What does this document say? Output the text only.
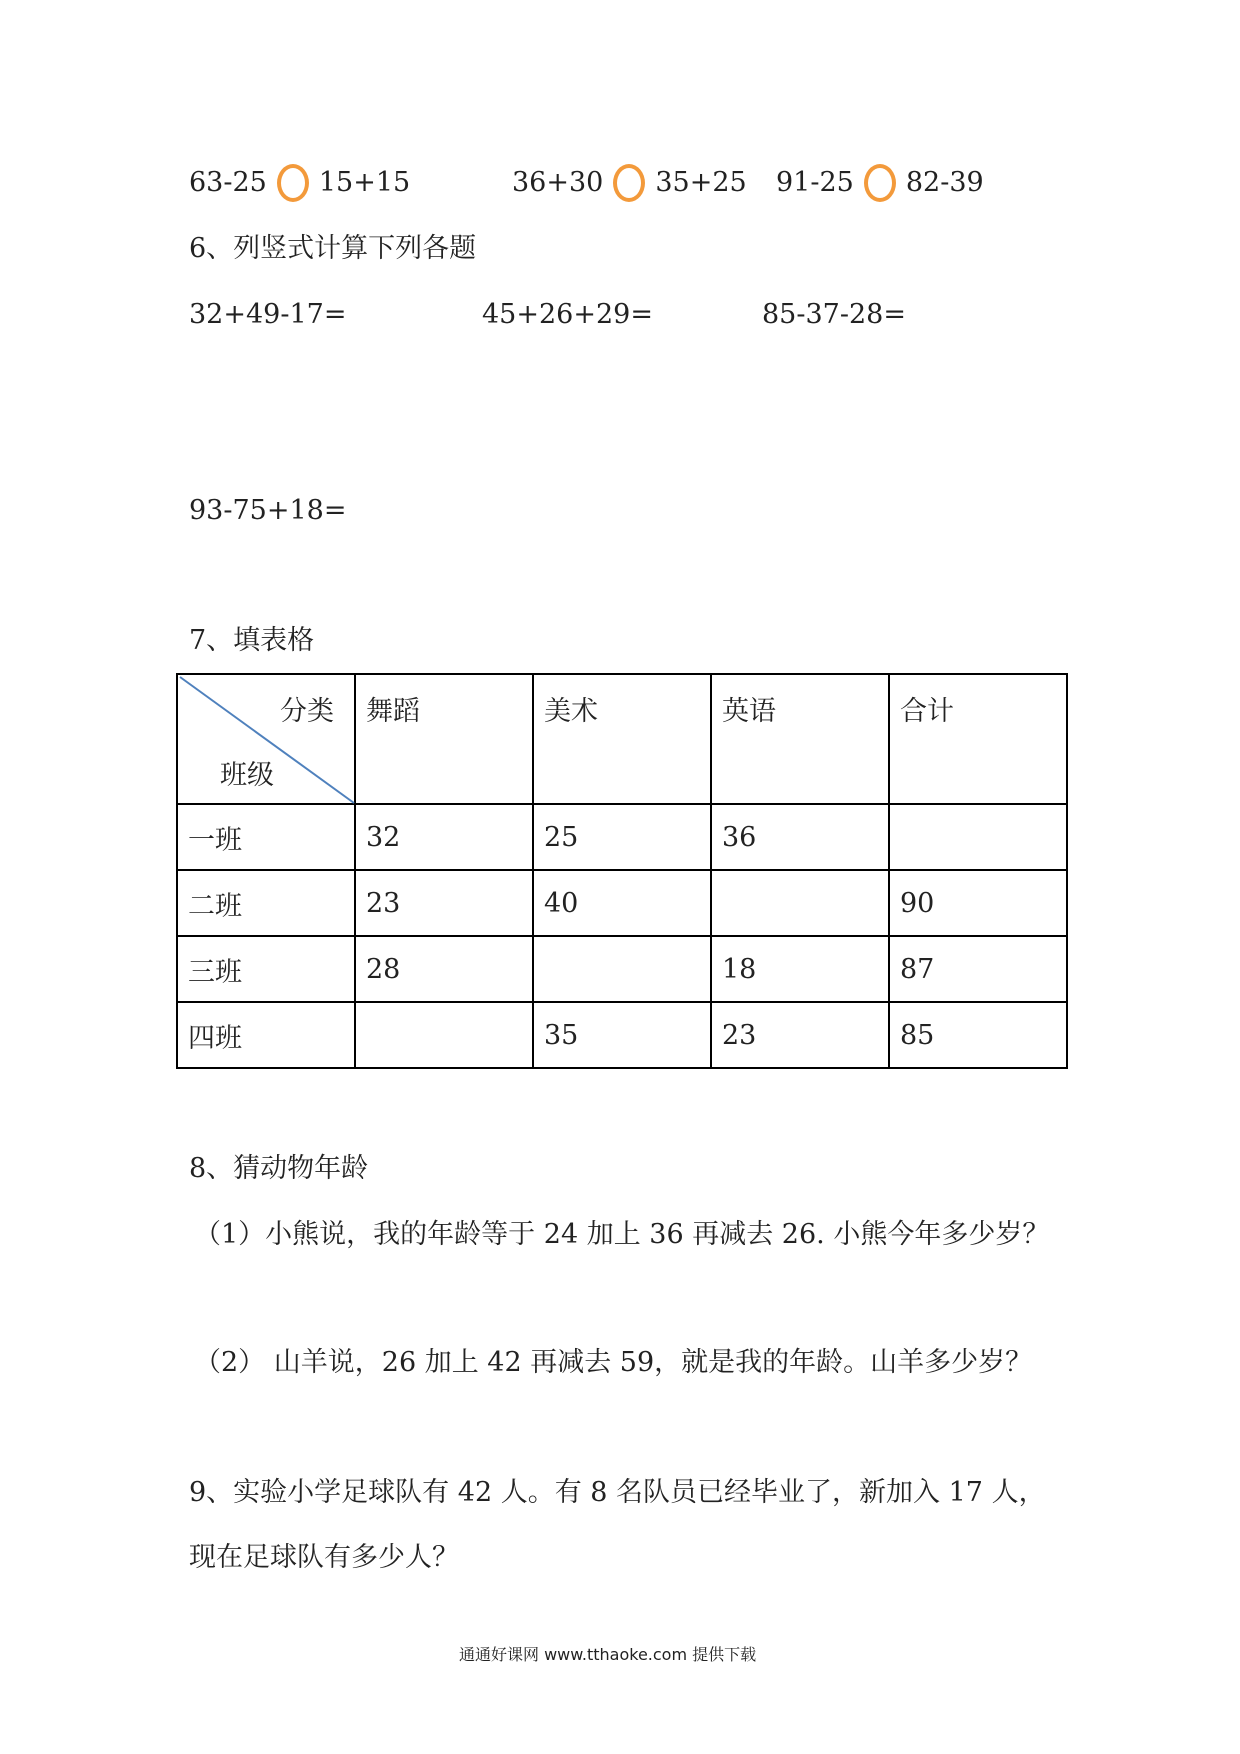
63-25 15+15	36+30 35+25 91-25 82-39
6、列竖式计算下列各题
32+49-17=	45+26+29=	85-37-28=
93-75+18=
7、填表格
分类
班级	舞蹈	美术	英语	合计
一班	32	25	36	
二班	23	40		90
三班	28		18	87
四班		35	23	85
8、猜动物年龄
（1）小熊说，我的年龄等于 24 加上 36 再减去 26. 小熊今年多少岁？
（2） 山羊说，26 加上 42 再减去 59，就是我的年龄。山羊多少岁？
9、实验小学足球队有 42 人。有 8 名队员已经毕业了，新加入 17 人，
现在足球队有多少人？
通通好课网 www.tthaoke.com 提供下载
